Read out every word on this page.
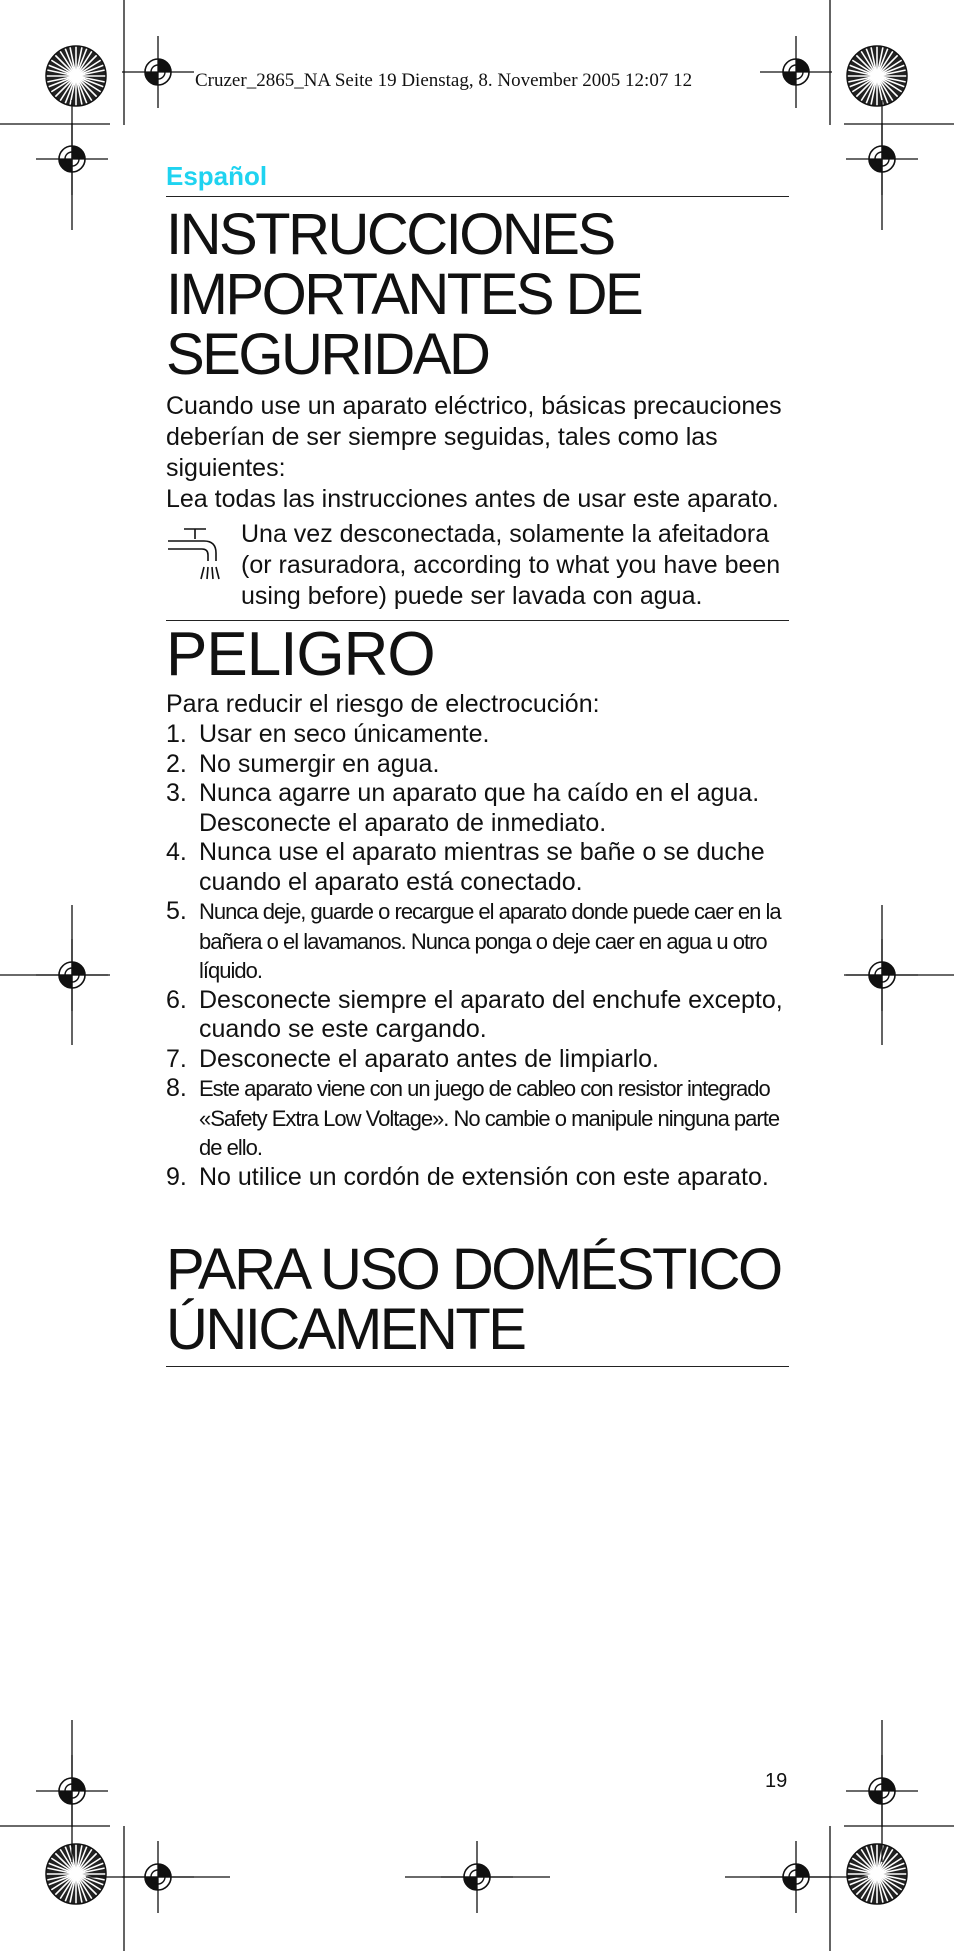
Cruzer_2865_NA Seite 19 Dienstag, 8. November 2005 12:07 12
Español
INSTRUCCIONES IMPORTANTES DE SEGURIDAD

Cuando use un aparato eléctrico, básicas precauciones deberían de ser siempre seguidas, tales como las siguientes:

Lea todas las instrucciones antes de usar este aparato.

Una vez desconectada, solamente la afeitadora (or rasuradora, according to what you have been using before) puede ser lavada con agua.

PELIGRO

Para reducir el riesgo de electrocución:

1. Usar en seco únicamente.
2. No sumergir en agua.
3. Nunca agarre un aparato que ha caído en el agua. Desconecte el aparato de inmediato.
4. Nunca use el aparato mientras se bañe o se duche cuando el aparato está conectado.
5. Nunca deje, guarde o recargue el aparato donde puede caer en la bañera o el lavamanos. Nunca ponga o deje caer en agua u otro líquido.
6. Desconecte siempre el aparato del enchufe excepto, cuando se este cargando.
7. Desconecte el aparato antes de limpiarlo.
8. Este aparato viene con un juego de cableo con resistor integrado «Safety Extra Low Voltage». No cambie o manipule ninguna parte de ello.
9. No utilice un cordón de extensión con este aparato.
PARA USO DOMÉSTICO ÚNICAMENTE
19
